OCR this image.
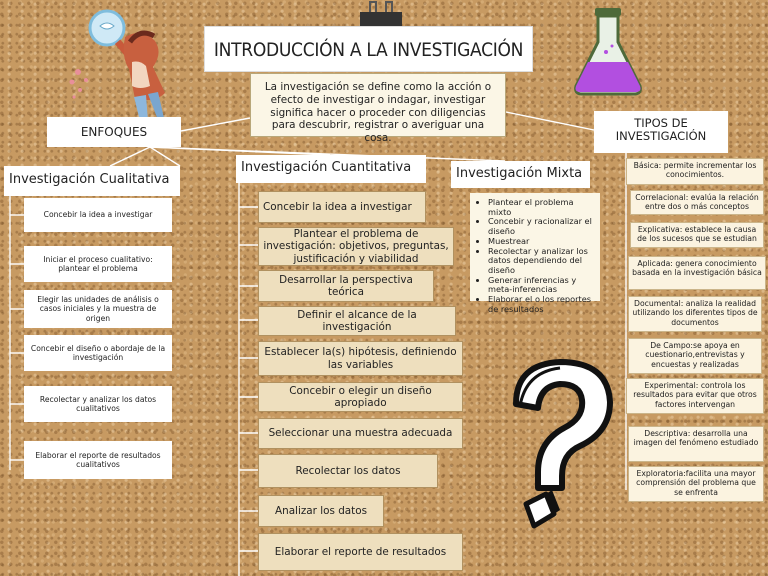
INTRODUCCIÓN A LA INVESTIGACIÓN
La investigación se define como la acción o efecto de investigar o indagar, investigar significa hacer o proceder con diligencias para descubrir, registrar o averiguar una cosa.
ENFOQUES
TIPOS DE INVESTIGACIÓN
Investigación Cualitativa
Concebir la idea a investigar
Iniciar el proceso cualitativo: plantear el problema
Elegir las unidades de análisis o casos iniciales y la muestra de origen
Concebir el diseño o abordaje de la investigación
Recolectar y analizar los datos cualitativos
Elaborar el reporte de resultados cualitativos
Investigación Cuantitativa
Concebir la idea a investigar
Plantear el problema de investigación: objetivos, preguntas, justificación y viabilidad
Desarrollar la perspectiva teórica
Definir el alcance de la investigación
Establecer la(s) hipótesis, definiendo las variables
Concebir o elegir un diseño apropiado
Seleccionar una muestra adecuada
Recolectar los datos
Analizar los datos
Elaborar el reporte de resultados
Investigación Mixta
• Plantear el problema mixto
• Concebir y racionalizar el diseño
• Muestrear
• Recolectar y analizar los datos dependiendo del diseño
• Generar inferencias y meta-inferencias
• Elaborar el o los reportes de resultados
Básica: permite incrementar los conocimientos.
Correlacional: evalúa la relación entre dos o más conceptos
Explicativa: establece la causa de los sucesos que se estudian
Aplicada: genera conocimiento basada en la investigación básica
Documental: analiza la realidad utilizando los diferentes tipos de documentos
De Campo:se apoya en cuestionario,entrevistas y encuestas y realizadas
Experimental: controla los resultados para evitar que otros factores intervengan
Descriptiva: desarrolla una imagen del fenómeno estudiado
Exploratoria:facilita una mayor comprensión del problema que se enfrenta
